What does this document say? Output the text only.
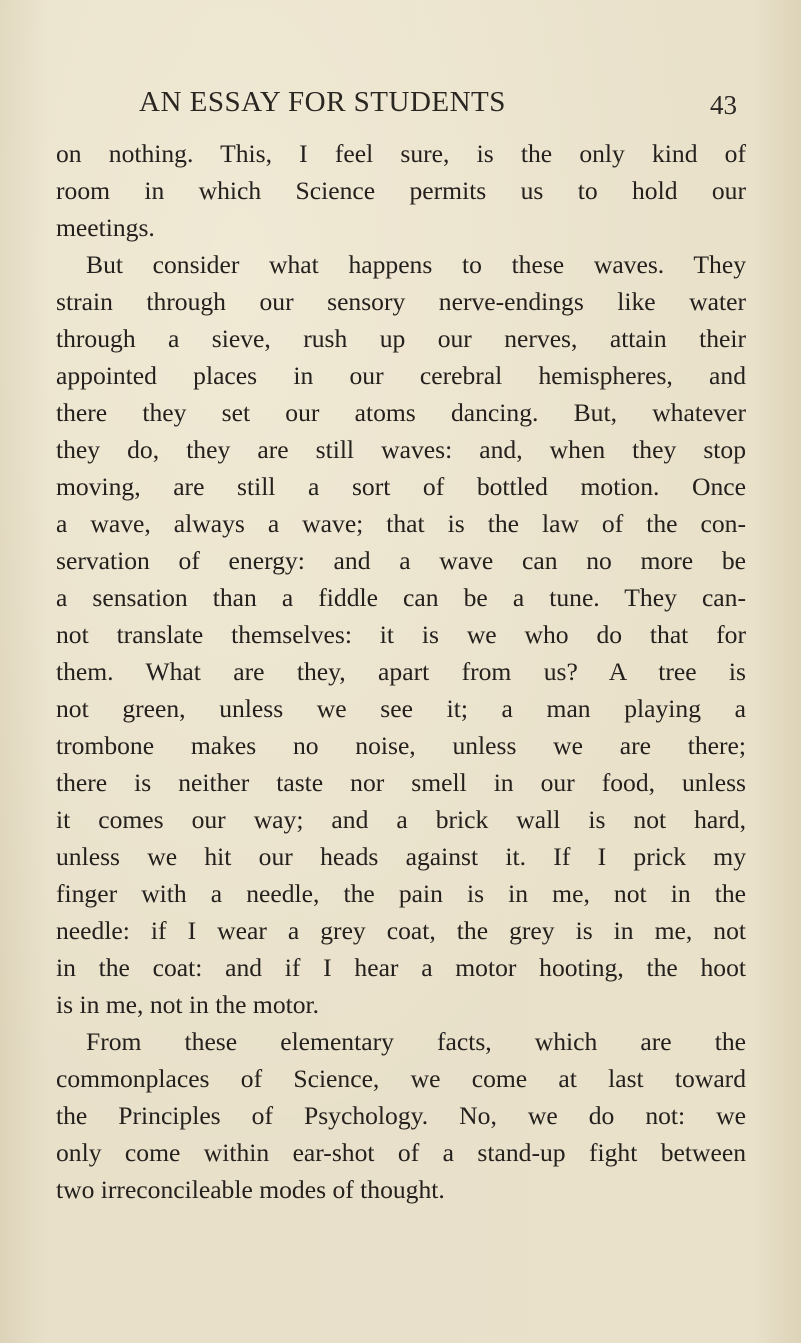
AN ESSAY FOR STUDENTS	43
on nothing. This, I feel sure, is the only kind of
room in which Science permits us to hold our
meetings.
But consider what happens to these waves. They
strain through our sensory nerve-endings like water
through a sieve, rush up our nerves, attain their
appointed places in our cerebral hemispheres, and
there they set our atoms dancing. But, whatever
they do, they are still waves: and, when they stop
moving, are still a sort of bottled motion. Once
a wave, always a wave; that is the law of the con-
servation of energy: and a wave can no more be
a sensation than a fiddle can be a tune. They can-
not translate themselves: it is we who do that for
them. What are they, apart from us? A tree is
not green, unless we see it; a man playing a
trombone makes no noise, unless we are there;
there is neither taste nor smell in our food, unless
it comes our way; and a brick wall is not hard,
unless we hit our heads against it. If I prick my
finger with a needle, the pain is in me, not in the
needle: if I wear a grey coat, the grey is in me, not
in the coat: and if I hear a motor hooting, the hoot
is in me, not in the motor.
From these elementary facts, which are the
commonplaces of Science, we come at last toward
the Principles of Psychology. No, we do not: we
only come within ear-shot of a stand-up fight between
two irreconcileable modes of thought.
